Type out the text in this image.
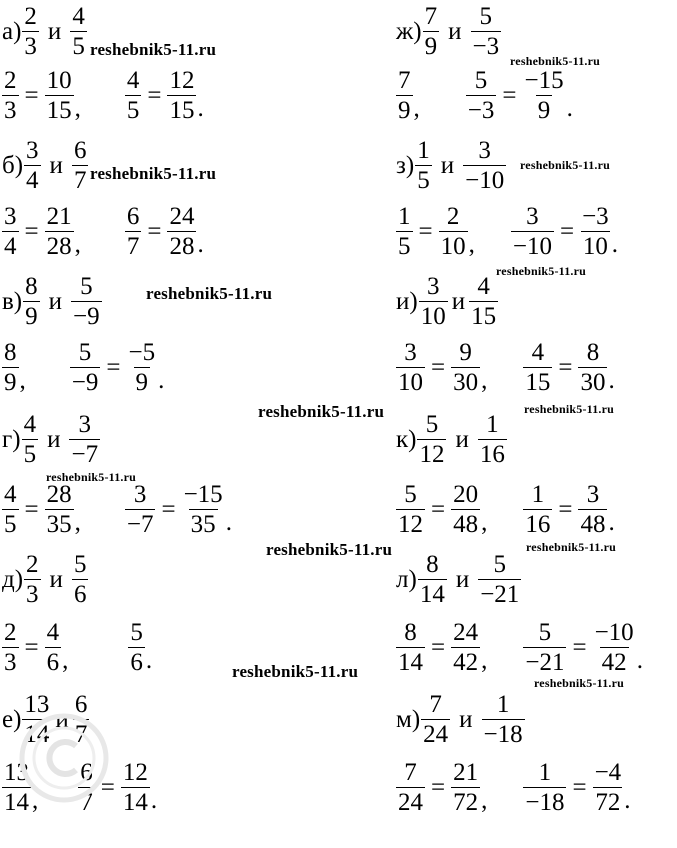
$а) \frac{2}{3}$ и $\frac{4}{5}$
$\frac{2}{3} = \frac{10}{15}$ , $\frac{4}{5} = \frac{12}{15}$ .
$б) \frac{3}{4}$ и $\frac{6}{7}$
$\frac{3}{4} = \frac{21}{28}$ , $\frac{6}{7} = \frac{24}{28}$ .
$в) \frac{8}{9}$ и $\frac{5}{-9}$
$\frac{8}{9}$ , $\frac{5}{-9} = \frac{-5}{9}$ .
$г) \frac{4}{5}$ и $\frac{3}{-7}$
$\frac{4}{5} = \frac{28}{35}$ , $\frac{3}{-7} = \frac{-15}{35}$ .
$д) \frac{2}{3}$ и $\frac{5}{6}$
$\frac{2}{3} = \frac{4}{6}$ , $\frac{5}{6}$ .
$е) \frac{13}{14}$ и $\frac{6}{7}$
$\frac{13}{14}$ , $\frac{6}{7} = \frac{12}{14}$ .
$ж) \frac{7}{9}$ и $\frac{5}{-3}$
$\frac{7}{9}$ , $\frac{5}{-3} = \frac{-15}{9}$ .
$з) \frac{1}{5}$ и $\frac{3}{-10}$
$\frac{1}{5} = \frac{2}{10}$ , $\frac{3}{-10} = \frac{-3}{10}$ .
$и) \frac{3}{10}$ и $\frac{4}{15}$
$\frac{3}{10} = \frac{9}{30}$ , $\frac{4}{15} = \frac{8}{30}$ .
$к) \frac{5}{12}$ и $\frac{1}{16}$
$\frac{5}{12} = \frac{20}{48}$ , $\frac{1}{16} = \frac{3}{48}$ .
$л) \frac{8}{14}$ и $\frac{5}{-21}$
$\frac{8}{14} = \frac{24}{42}$ , $\frac{5}{-21} = \frac{-10}{42}$ .
$м) \frac{7}{24}$ и $\frac{1}{-18}$
$\frac{7}{24} = \frac{21}{72}$ , $\frac{1}{-18} = \frac{-4}{72}$ .
reshebnik5-11.ru
reshebnik5-11.ru
reshebnik5-11.ru
reshebnik5-11.ru
reshebnik5-11.ru
reshebnik5-11.ru
reshebnik5-11.ru
reshebnik5-11.ru
reshebnik5-11.ru
reshebnik5-11.ru
reshebnik5-11.ru
reshebnik5-11.ru
reshebnik5-11.ru
